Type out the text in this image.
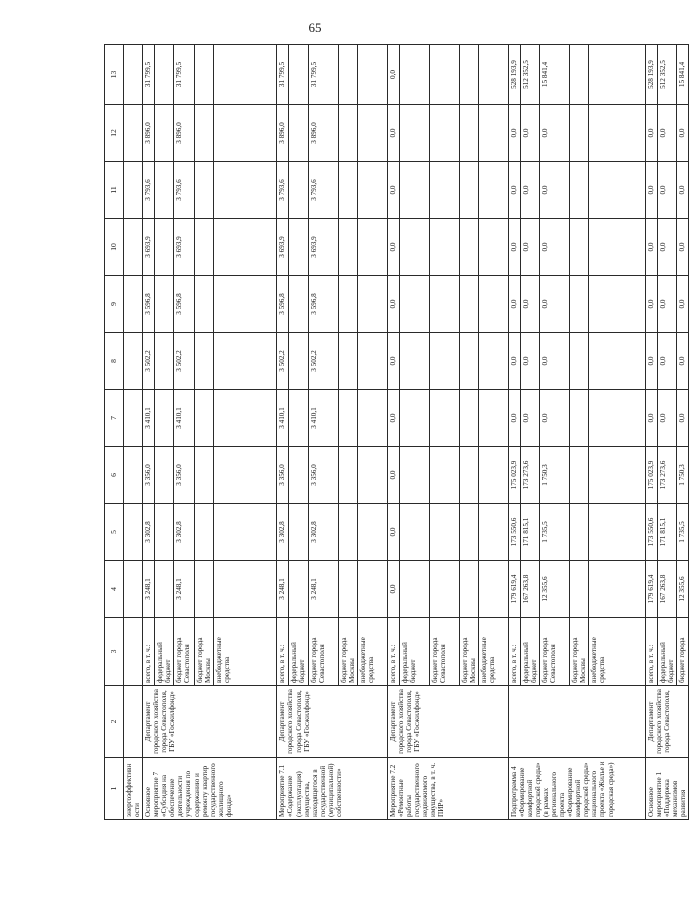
65
1	2	3	4	5	6	7	8	9	10	11	12	13
энергоэффективности												
Основное мероприятие 7 «Субсидия на обеспечение деятельности учреждения по содержанию и ремонту квартир государственного жилищного фонда»	Департамент городского хозяйства города Севастополя, ГБУ «Госжилфонд»	всего, в т. ч.:	3 248,1	3 302,8	3 356,0	3 410,1	3 502,2	3 596,8	3 693,9	3 793,6	3 896,0	31 799,5
		федеральный бюджет										
		бюджет города Севастополя	3 248,1	3 302,8	3 356,0	3 410,1	3 502,2	3 596,8	3 693,9	3 793,6	3 896,0	31 799,5
		бюджет города Москвы										
		внебюджетные средства										
Мероприятие 7.1 «Содержание (эксплуатация) имущества, находящегося в государственной (муниципальной) собственности»	Департамент городского хозяйства города Севастополя, ГБУ «Госжилфонд»	всего, в т. ч.:	3 248,1	3 302,8	3 356,0	3 410,1	3 502,2	3 596,8	3 693,9	3 793,6	3 896,0	31 799,5
		федеральный бюджет										
		бюджет города Севастополя	3 248,1	3 302,8	3 356,0	3 410,1	3 502,2	3 596,8	3 693,9	3 793,6	3 896,0	31 799,5
		бюджет города Москвы										
		внебюджетные средства										
Мероприятие 7.2 «Ремонтные работы государственного недвижимого имущества, в т. ч. ПИР»	Департамент городского хозяйства города Севастополя, ГБУ «Госжилфонд»	всего, в т. ч.:	0,0	0,0	0,0	0,0	0,0	0,0	0,0	0,0	0,0	0,0
		федеральный бюджет										
		бюджет города Севастополя										
		бюджет города Москвы										
		внебюджетные средства										
Подпрограмма 4 «Формирование комфортной городской среды» (в рамках регионального проекта «Формирование комфортной городской среды» национального проекта «Жилье и городская среда»)		всего, в т. ч.:	179 619,4	173 550,6	175 023,9	0,0	0,0	0,0	0,0	0,0	0,0	528 193,9
		федеральный бюджет	167 263,8	171 815,1	173 273,6	0,0	0,0	0,0	0,0	0,0	0,0	512 352,5
		бюджет города Севастополя	12 355,6	1 735,5	1 750,3	0,0	0,0	0,0	0,0	0,0	0,0	15 841,4
		бюджет города Москвы										
		внебюджетные средства										
Основное мероприятие 1 «Поддержка механизмов развития	Департамент городского хозяйства города Севастополя,	всего, в т. ч.:	179 619,4	173 550,6	175 023,9	0,0	0,0	0,0	0,0	0,0	0,0	528 193,9
		федеральный бюджет	167 263,8	171 815,1	173 273,6	0,0	0,0	0,0	0,0	0,0	0,0	512 352,5
		бюджет города	12 355,6	1 735,5	1 750,3	0,0	0,0	0,0	0,0	0,0	0,0	15 841,4
